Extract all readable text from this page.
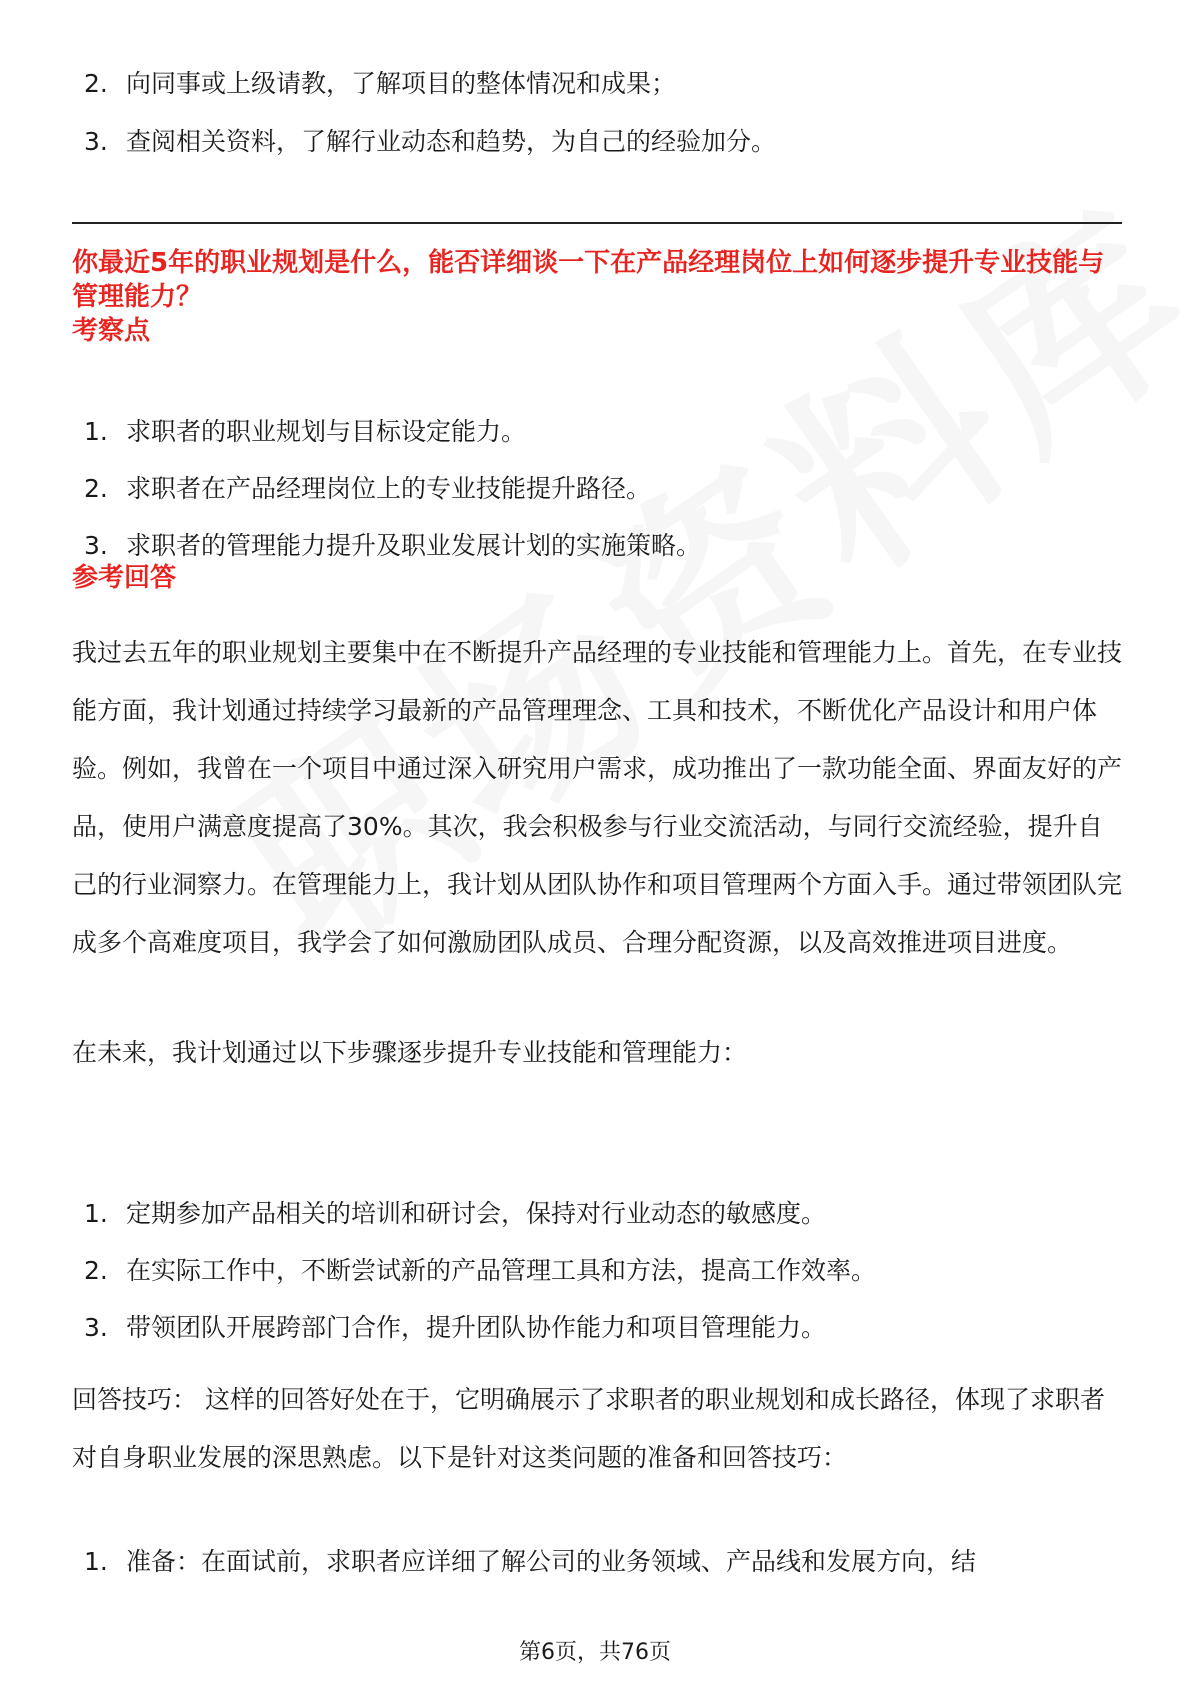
2. 向同事或上级请教，了解项目的整体情况和成果；
3. 查阅相关资料，了解行业动态和趋势，为自己的经验加分。
你最近5年的职业规划是什么，能否详细谈一下在产品经理岗位上如何逐步提升专业技能与管理能力？
考察点
1. 求职者的职业规划与目标设定能力。
2. 求职者在产品经理岗位上的专业技能提升路径。
3. 求职者的管理能力提升及职业发展计划的实施策略。
参考回答

我过去五年的职业规划主要集中在不断提升产品经理的专业技能和管理能力上。首先，在专业技能方面，我计划通过持续学习最新的产品管理理念、工具和技术，不断优化产品设计和用户体验。例如，我曾在一个项目中通过深入研究用户需求，成功推出了一款功能全面、界面友好的产品，使用户满意度提高了30%。其次，我会积极参与行业交流活动，与同行交流经验，提升自己的行业洞察力。在管理能力上，我计划从团队协作和项目管理两个方面入手。通过带领团队完成多个高难度项目，我学会了如何激励团队成员、合理分配资源，以及高效推进项目进度。

在未来，我计划通过以下步骤逐步提升专业技能和管理能力：

1. 定期参加产品相关的培训和研讨会，保持对行业动态的敏感度。
2. 在实际工作中，不断尝试新的产品管理工具和方法，提高工作效率。
3. 带领团队开展跨部门合作，提升团队协作能力和项目管理能力。

回答技巧： 这样的回答好处在于，它明确展示了求职者的职业规划和成长路径，体现了求职者对自身职业发展的深思熟虑。以下是针对这类问题的准备和回答技巧：

1. 准备：在面试前，求职者应详细了解公司的业务领域、产品线和发展方向，结
第6页，共76页
